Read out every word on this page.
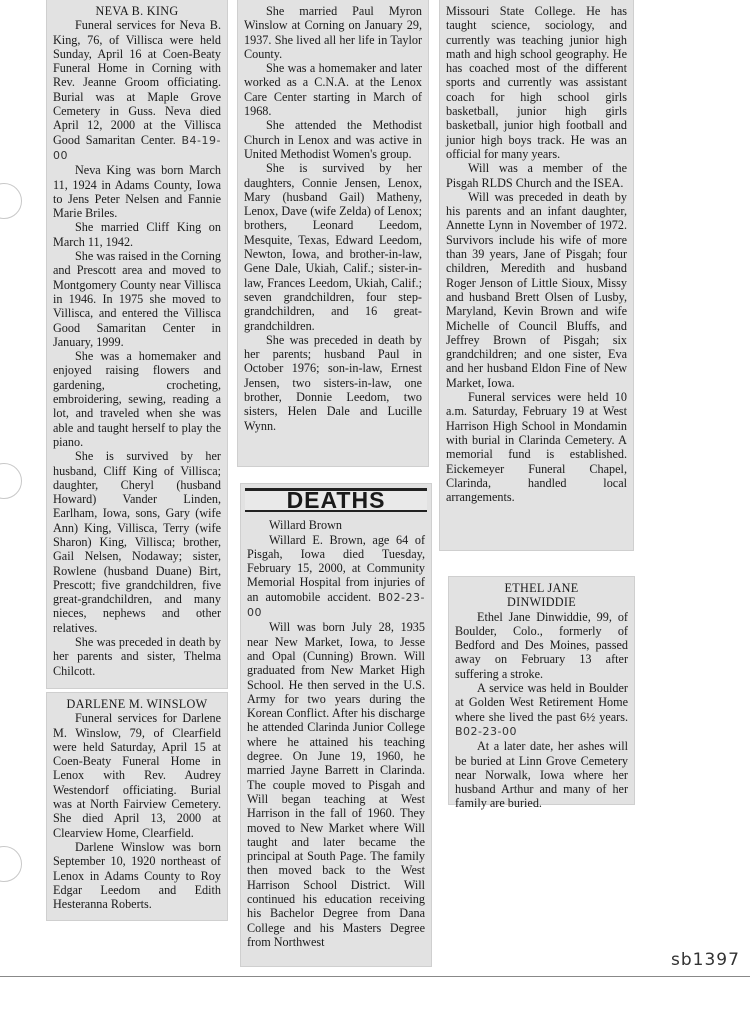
NEVA B. KING

Funeral services for Neva B. King, 76, of Villisca were held Sunday, April 16 at Coen-Beaty Funeral Home in Corning with Rev. Jeanne Groom officiating. Burial was at Maple Grove Cemetery in Guss. Neva died April 12, 2000 at the Villisca Good Samaritan Center. B4-19-00

Neva King was born March 11, 1924 in Adams County, Iowa to Jens Peter Nelsen and Fannie Marie Briles.

She married Cliff King on March 11, 1942.

She was raised in the Corning and Prescott area and moved to Montgomery County near Villisca in 1946. In 1975 she moved to Villisca, and entered the Villisca Good Samaritan Center in January, 1999.

She was a homemaker and enjoyed raising flowers and gardening, crocheting, embroidering, sewing, reading a lot, and traveled when she was able and taught herself to play the piano.

She is survived by her husband, Cliff King of Villisca; daughter, Cheryl (husband Howard) Vander Linden, Earlham, Iowa, sons, Gary (wife Ann) King, Villisca, Terry (wife Sharon) King, Villisca; brother, Gail Nelsen, Nodaway; sister, Rowlene (husband Duane) Birt, Prescott; five grandchildren, five great-grandchildren, and many nieces, nephews and other relatives.

She was preceded in death by her parents and sister, Thelma Chilcott.

DARLENE M. WINSLOW

Funeral services for Darlene M. Winslow, 79, of Clearfield were held Saturday, April 15 at Coen-Beaty Funeral Home in Lenox with Rev. Audrey Westendorf officiating. Burial was at North Fairview Cemetery. She died April 13, 2000 at Clearview Home, Clearfield.

Darlene Winslow was born September 10, 1920 northeast of Lenox in Adams County to Roy Edgar Leedom and Edith Hesteranna Roberts.

She married Paul Myron Winslow at Corning on January 29, 1937. She lived all her life in Taylor County.

She was a homemaker and later worked as a C.N.A. at the Lenox Care Center starting in March of 1968.

She attended the Methodist Church in Lenox and was active in United Methodist Women's group.

She is survived by her daughters, Connie Jensen, Lenox, Mary (husband Gail) Matheny, Lenox, Dave (wife Zelda) of Lenox; brothers, Leonard Leedom, Mesquite, Texas, Edward Leedom, Newton, Iowa, and brother-in-law, Gene Dale, Ukiah, Calif.; sister-in-law, Frances Leedom, Ukiah, Calif.; seven grandchildren, four step-grandchildren, and 16 great-grandchildren.

She was preceded in death by her parents; husband Paul in October 1976; son-in-law, Ernest Jensen, two sisters-in-law, one brother, Donnie Leedom, two sisters, Helen Dale and Lucille Wynn.

DEATHS

Willard Brown

Willard E. Brown, age 64 of Pisgah, Iowa died Tuesday, February 15, 2000, at Community Memorial Hospital from injuries of an automobile accident. B02-23-00

Will was born July 28, 1935 near New Market, Iowa, to Jesse and Opal (Cunning) Brown. Will graduated from New Market High School. He then served in the U.S. Army for two years during the Korean Conflict. After his discharge he attended Clarinda Junior College where he attained his teaching degree. On June 19, 1960, he married Jayne Barrett in Clarinda. The couple moved to Pisgah and Will began teaching at West Harrison in the fall of 1960. They moved to New Market where Will taught and later became the principal at South Page. The family then moved back to the West Harrison School District. Will continued his education receiving his Bachelor Degree from Dana College and his Masters Degree from Northwest

Missouri State College. He has taught science, sociology, and currently was teaching junior high math and high school geography. He has coached most of the different sports and currently was assistant coach for high school girls basketball, junior high girls basketball, junior high football and junior high boys track. He was an official for many years.

Will was a member of the Pisgah RLDS Church and the ISEA.

Will was preceded in death by his parents and an infant daughter, Annette Lynn in November of 1972. Survivors include his wife of more than 39 years, Jane of Pisgah; four children, Meredith and husband Roger Jenson of Little Sioux, Missy and husband Brett Olsen of Lusby, Maryland, Kevin Brown and wife Michelle of Council Bluffs, and Jeffrey Brown of Pisgah; six grandchildren; and one sister, Eva and her husband Eldon Fine of New Market, Iowa.

Funeral services were held 10 a.m. Saturday, February 19 at West Harrison High School in Mondamin with burial in Clarinda Cemetery. A memorial fund is established. Eickemeyer Funeral Chapel, Clarinda, handled local arrangements.

ETHEL JANE

DINWIDDIE

Ethel Jane Dinwiddie, 99, of Boulder, Colo., formerly of Bedford and Des Moines, passed away on February 13 after suffering a stroke.

A service was held in Boulder at Golden West Retirement Home where she lived the past 6½ years. B02-23-00

At a later date, her ashes will be buried at Linn Grove Cemetery near Norwalk, Iowa where her husband Arthur and many of her family are buried.

sb1397
